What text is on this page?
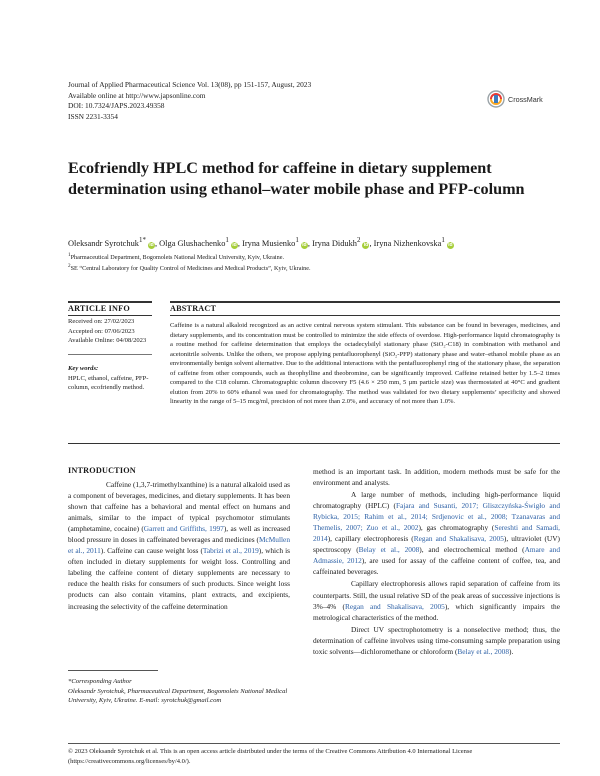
Journal of Applied Pharmaceutical Science Vol. 13(08), pp 151-157, August, 2023
Available online at http://www.japsonline.com
DOI: 10.7324/JAPS.2023.49358
ISSN 2231-3354
CrossMark
Ecofriendly HPLC method for caffeine in dietary supplement determination using ethanol–water mobile phase and PFP-column
Oleksandr Syrotchuk$^{1*}$id, Olga Glushachenko$^1$id, Iryna Musienko$^1$id, Iryna Didukh$^2$id, Iryna Nizhenkovska$^1$id
$^1$Pharmaceutical Department, Bogomolets National Medical University, Kyiv, Ukraine.
$^2$SE “Central Laboratory for Quality Control of Medicines and Medical Products”, Kyiv, Ukraine.
ARTICLE INFO	ABSTRACT
Received on: 27/02/2023
Accepted on: 07/06/2023
Available Online: 04/08/2023
Key words:
HPLC, ethanol, caffeine, PFP-column, ecofriendly method.
Caffeine is a natural alkaloid recognized as an active central nervous system stimulant. This substance can be found in beverages, medicines, and dietary supplements, and its concentration must be controlled to minimize the side effects of overdose. High-performance liquid chromatography is a routine method for caffeine determination that employs the octadecylsilyl stationary phase (SiO₂-C18) in combination with methanol and acetonitrile solvents. Unlike the others, we propose applying pentafluorophenyl (SiO₂-PFP) stationary phase and water–ethanol mobile phase as an environmentally benign solvent alternative. Due to the additional interactions with the pentafluorophenyl ring of the stationary phase, the separation of caffeine from other compounds, such as theophylline and theobromine, can be significantly improved. Caffeine retained better by 1.5–2 times compared to the C18 column. Chromatographic column discovery F5 (4.6 × 250 mm, 5 µm particle size) was thermostated at 40°C and gradient elution from 20% to 60% ethanol was used for chromatography. The method was validated for two dietary supplements’ specificity and showed linearity in the range of 5–15 mcg/ml, precision of not more than 2.0%, and accuracy of not more than 1.0%.
INTRODUCTION

Caffeine (1,3,7-trimethylxanthine) is a natural alkaloid used as a component of beverages, medicines, and dietary supplements. It has been shown that caffeine has a behavioral and mental effect on humans and animals, similar to the impact of typical psychomotor stimulants (amphetamine, cocaine) (Garrett and Griffiths, 1997), as well as increased blood pressure in doses in caffeinated beverages and medicines (McMullen et al., 2011). Caffeine can cause weight loss (Tabrizi et al., 2019), which is often included in dietary supplements for weight loss. Controlling and labeling the caffeine content of dietary supplements are necessary to reduce the health risks for consumers of such products. Since weight loss products can also contain vitamins, plant extracts, and excipients, increasing the selectivity of the caffeine determination

method is an important task. In addition, modern methods must be safe for the environment and analysts.

A large number of methods, including high-performance liquid chromatography (HPLC) (Fajara and Susanti, 2017; Gliszczyńska-Świgło and Rybicka, 2015; Rahim et al., 2014; Srdjenovic et al., 2008; Tzanavaras and Themelis, 2007; Zuo et al., 2002), gas chromatography (Sereshti and Samadi, 2014), capillary electrophoresis (Regan and Shakalisava, 2005), ultraviolet (UV) spectroscopy (Belay et al., 2008), and electrochemical method (Amare and Admassie, 2012), are used for assay of the caffeine content of coffee, tea, and caffeinated beverages.

Capillary electrophoresis allows rapid separation of caffeine from its counterparts. Still, the usual relative SD of the peak areas of successive injections is 3%–4% (Regan and Shakalisava, 2005), which significantly impairs the metrological characteristics of the method.

Direct UV spectrophotometry is a nonselective method; thus, the determination of caffeine involves using time-consuming sample preparation using toxic solvents—dichloromethane or chloroform (Belay et al., 2008).

*Corresponding Author
Oleksandr Syrotchuk, Pharmaceutical Department, Bogomolets National Medical University, Kyiv, Ukraine. E-mail: syrotchuk@gmail.com
© 2023 Oleksandr Syrotchuk et al. This is an open access article distributed under the terms of the Creative Commons Attribution 4.0 International License (https://creativecommons.org/licenses/by/4.0/).
